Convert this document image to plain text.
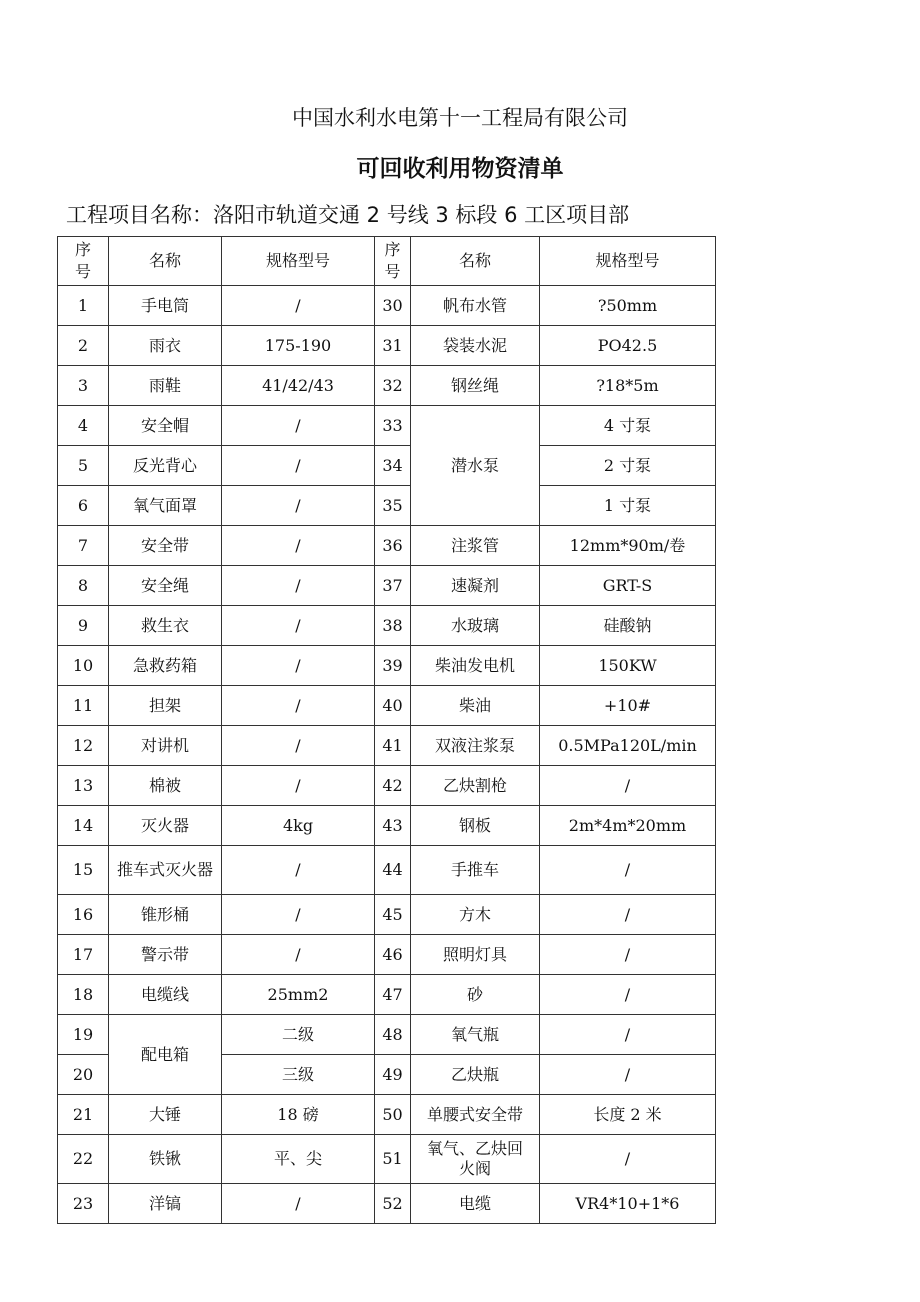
中国水利水电第十一工程局有限公司
可回收利用物资清单
工程项目名称：洛阳市轨道交通 2 号线 3 标段 6 工区项目部
序号	名称	规格型号	序号	名称	规格型号
1	手电筒	/	30	帆布水管	?50mm
2	雨衣	175-190	31	袋装水泥	PO42.5
3	雨鞋	41/42/43	32	钢丝绳	?18*5m
4	安全帽	/	33	潜水泵	4 寸泵
5	反光背心	/	34		2 寸泵
6	氧气面罩	/	35		1 寸泵
7	安全带	/	36	注浆管	12mm*90m/卷
8	安全绳	/	37	速凝剂	GRT-S
9	救生衣	/	38	水玻璃	硅酸钠
10	急救药箱	/	39	柴油发电机	150KW
11	担架	/	40	柴油	+10#
12	对讲机	/	41	双液注浆泵	0.5MPa120L/min
13	棉被	/	42	乙炔割枪	/
14	灭火器	4kg	43	钢板	2m*4m*20mm
15	推车式灭火器	/	44	手推车	/
16	锥形桶	/	45	方木	/
17	警示带	/	46	照明灯具	/
18	电缆线	25mm2	47	砂	/
19	配电箱	二级	48	氧气瓶	/
20		三级	49	乙炔瓶	/
21	大锤	18 磅	50	单腰式安全带	长度 2 米
22	铁锹	平、尖	51	氧气、乙炔回火阀	/
23	洋镐	/	52	电缆	VR4*10+1*6
